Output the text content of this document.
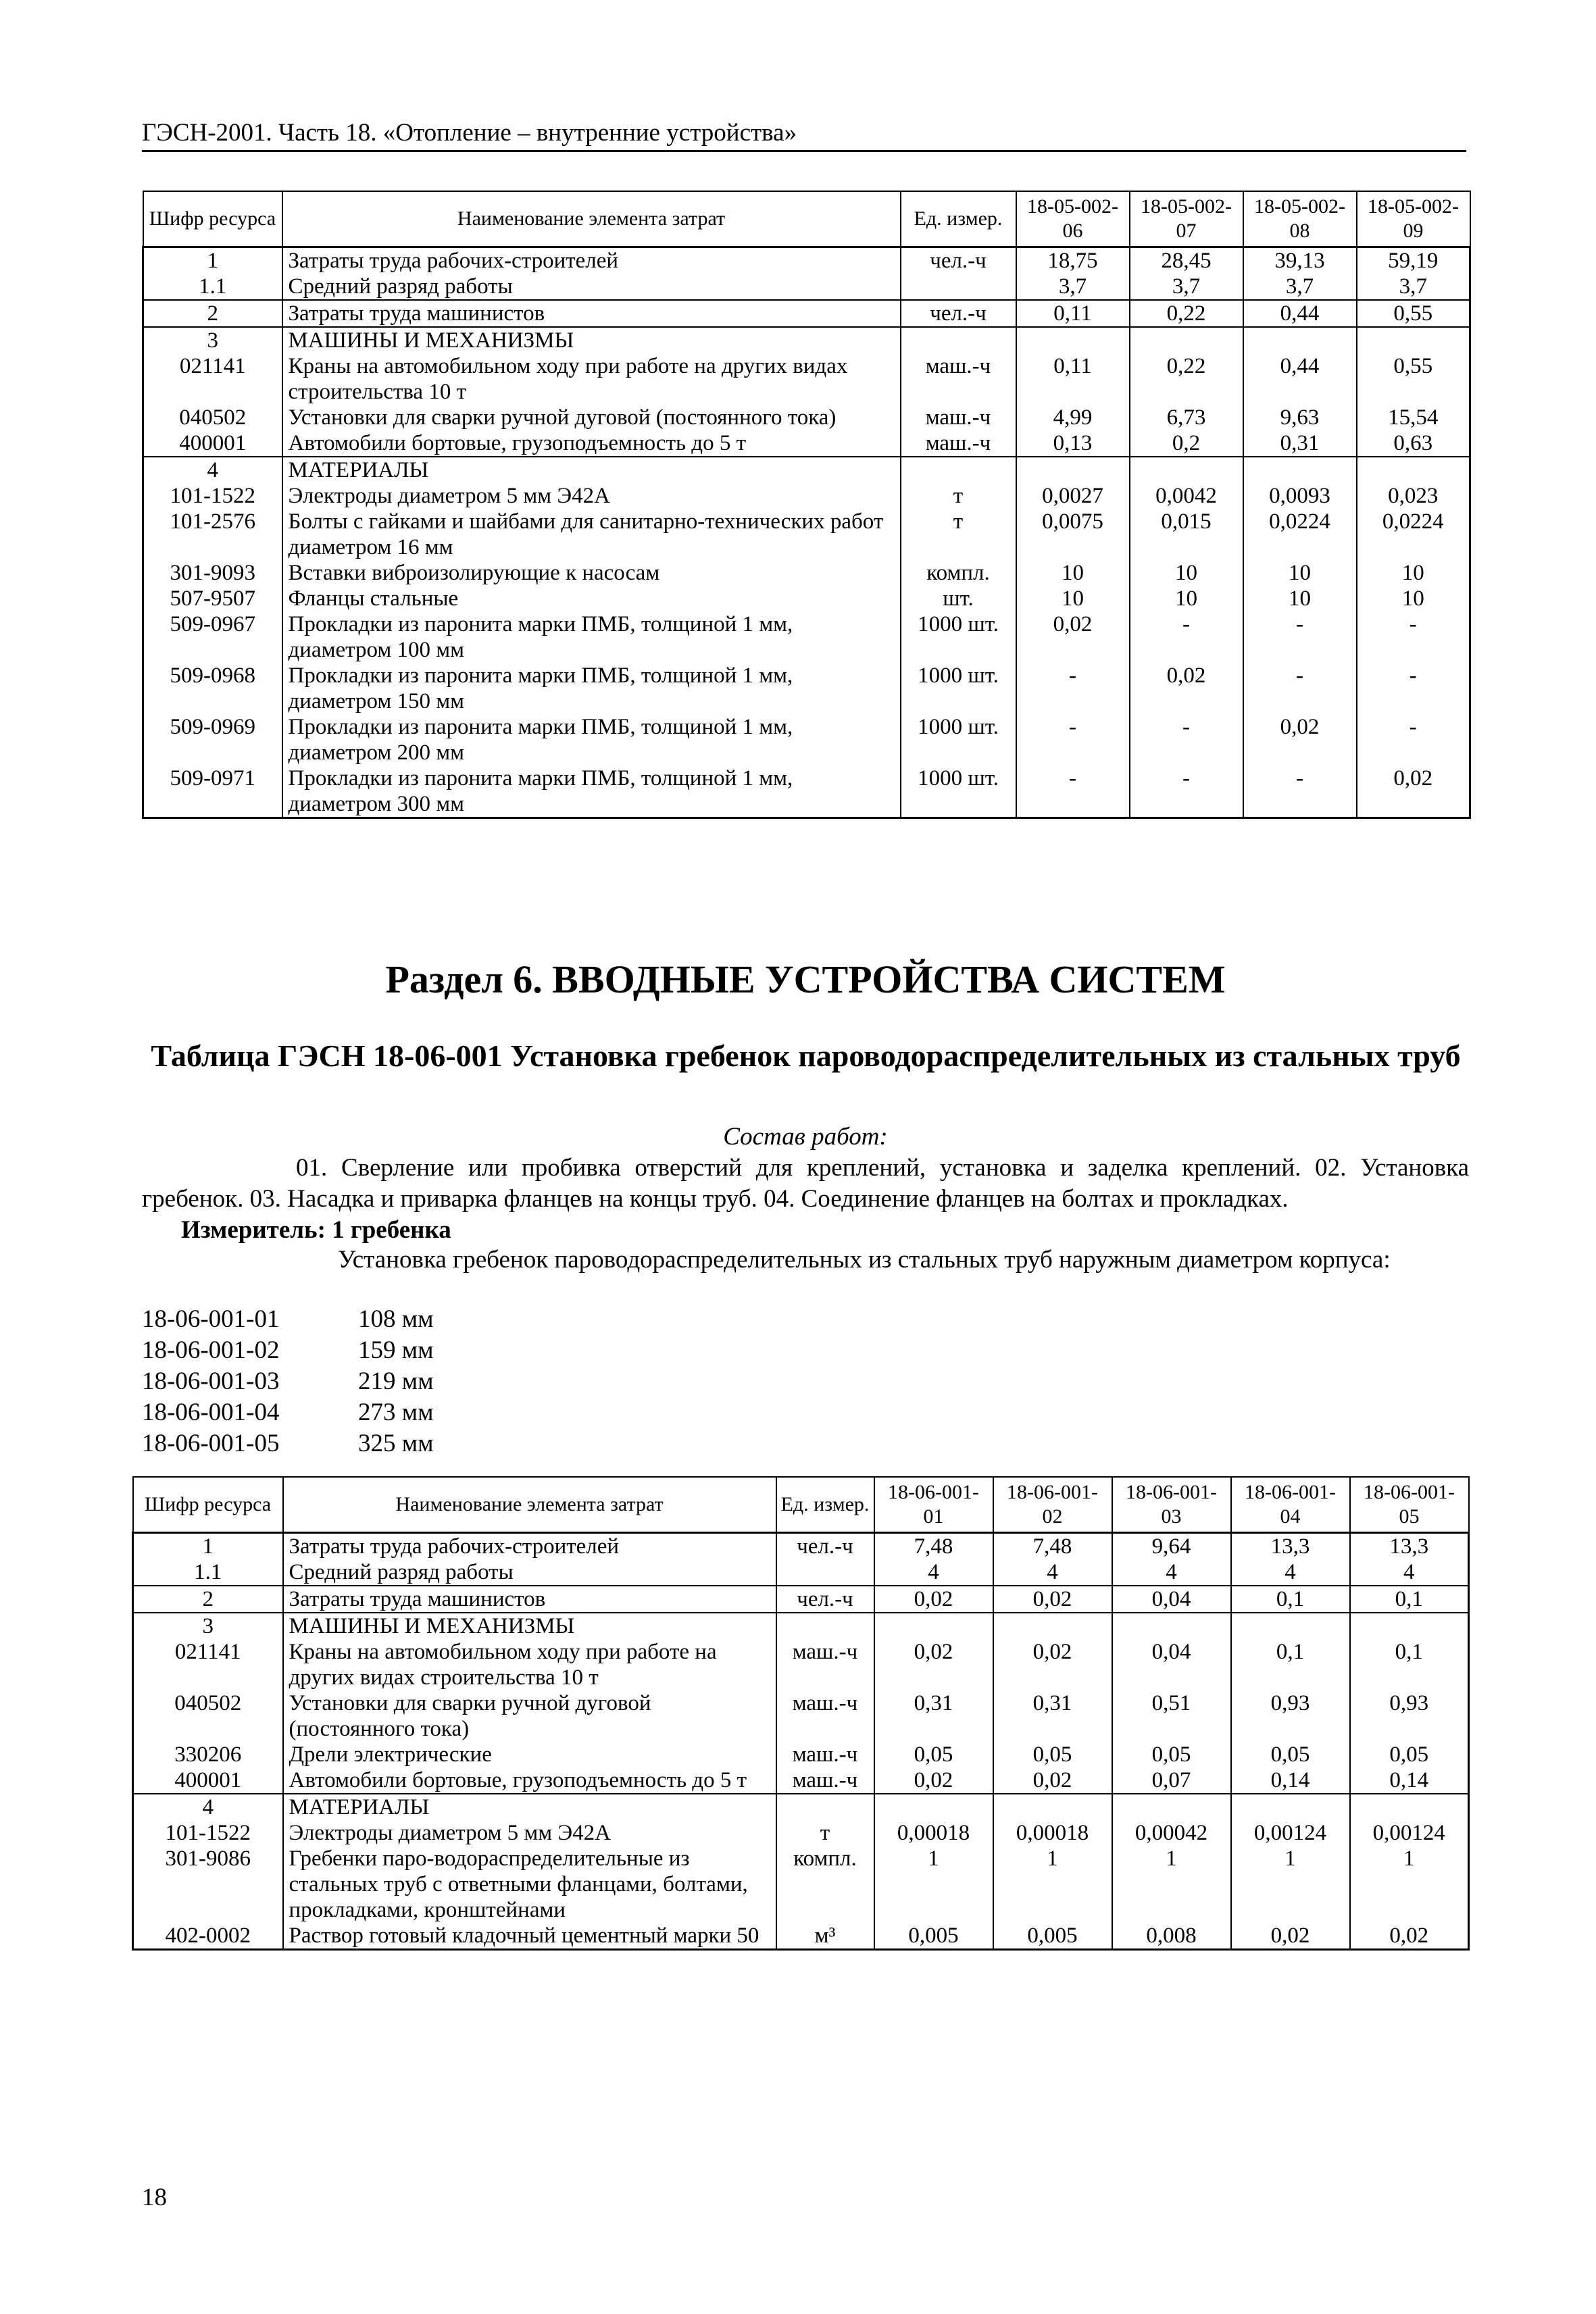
ГЭСН-2001. Часть 18. «Отопление – внутренние устройства»
Шифр ресурса	Наименование элемента затрат	Ед. измер.	18-05-002-06	18-05-002-07	18-05-002-08	18-05-002-09
1	Затраты труда рабочих-строителей	чел.-ч	18,75	28,45	39,13	59,19
1.1	Средний разряд работы		3,7	3,7	3,7	3,7
2	Затраты труда машинистов	чел.-ч	0,11	0,22	0,44	0,55
3	МАШИНЫ И МЕХАНИЗМЫ					
021141	Краны на автомобильном ходу при работе на других видах строительства 10 т	маш.-ч	0,11	0,22	0,44	0,55
040502	Установки для сварки ручной дуговой (постоянного тока)	маш.-ч	4,99	6,73	9,63	15,54
400001	Автомобили бортовые, грузоподъемность до 5 т	маш.-ч	0,13	0,2	0,31	0,63
4	МАТЕРИАЛЫ					
101-1522	Электроды диаметром 5 мм Э42А	т	0,0027	0,0042	0,0093	0,023
101-2576	Болты с гайками и шайбами для санитарно-технических работ диаметром 16 мм	т	0,0075	0,015	0,0224	0,0224
301-9093	Вставки виброизолирующие к насосам	компл.	10	10	10	10
507-9507	Фланцы стальные	шт.	10	10	10	10
509-0967	Прокладки из паронита марки ПМБ, толщиной 1 мм, диаметром 100 мм	1000 шт.	0,02	-	-	-
509-0968	Прокладки из паронита марки ПМБ, толщиной 1 мм, диаметром 150 мм	1000 шт.	-	0,02	-	-
509-0969	Прокладки из паронита марки ПМБ, толщиной 1 мм, диаметром 200 мм	1000 шт.	-	-	0,02	-
509-0971	Прокладки из паронита марки ПМБ, толщиной 1 мм, диаметром 300 мм	1000 шт.	-	-	-	0,02
Раздел 6. ВВОДНЫЕ УСТРОЙСТВА СИСТЕМ
Таблица ГЭСН 18-06-001 Установка гребенок пароводораспределительных из стальных труб
Состав работ:
01. Сверление или пробивка отверстий для креплений, установка и заделка креплений. 02. Установка гребенок. 03. Насадка и приварка фланцев на концы труб. 04. Соединение фланцев на болтах и прокладках.
Измеритель: 1 гребенка
Установка гребенок пароводораспределительных из стальных труб наружным диаметром корпуса:
18-06-001-01	108 мм
18-06-001-02	159 мм
18-06-001-03	219 мм
18-06-001-04	273 мм
18-06-001-05	325 мм
Шифр ресурса	Наименование элемента затрат	Ед. измер.	18-06-001-01	18-06-001-02	18-06-001-03	18-06-001-04	18-06-001-05
1	Затраты труда рабочих-строителей	чел.-ч	7,48	7,48	9,64	13,3	13,3
1.1	Средний разряд работы		4	4	4	4	4
2	Затраты труда машинистов	чел.-ч	0,02	0,02	0,04	0,1	0,1
3	МАШИНЫ И МЕХАНИЗМЫ						
021141	Краны на автомобильном ходу при работе на других видах строительства 10 т	маш.-ч	0,02	0,02	0,04	0,1	0,1
040502	Установки для сварки ручной дуговой (постоянного тока)	маш.-ч	0,31	0,31	0,51	0,93	0,93
330206	Дрели электрические	маш.-ч	0,05	0,05	0,05	0,05	0,05
400001	Автомобили бортовые, грузоподъемность до 5 т	маш.-ч	0,02	0,02	0,07	0,14	0,14
4	МАТЕРИАЛЫ						
101-1522	Электроды диаметром 5 мм Э42А	т	0,00018	0,00018	0,00042	0,00124	0,00124
301-9086	Гребенки паро-водораспределительные из стальных труб с ответными фланцами, болтами, прокладками, кронштейнами	компл.	1	1	1	1	1
402-0002	Раствор готовый кладочный цементный марки 50	м³	0,005	0,005	0,008	0,02	0,02
18
